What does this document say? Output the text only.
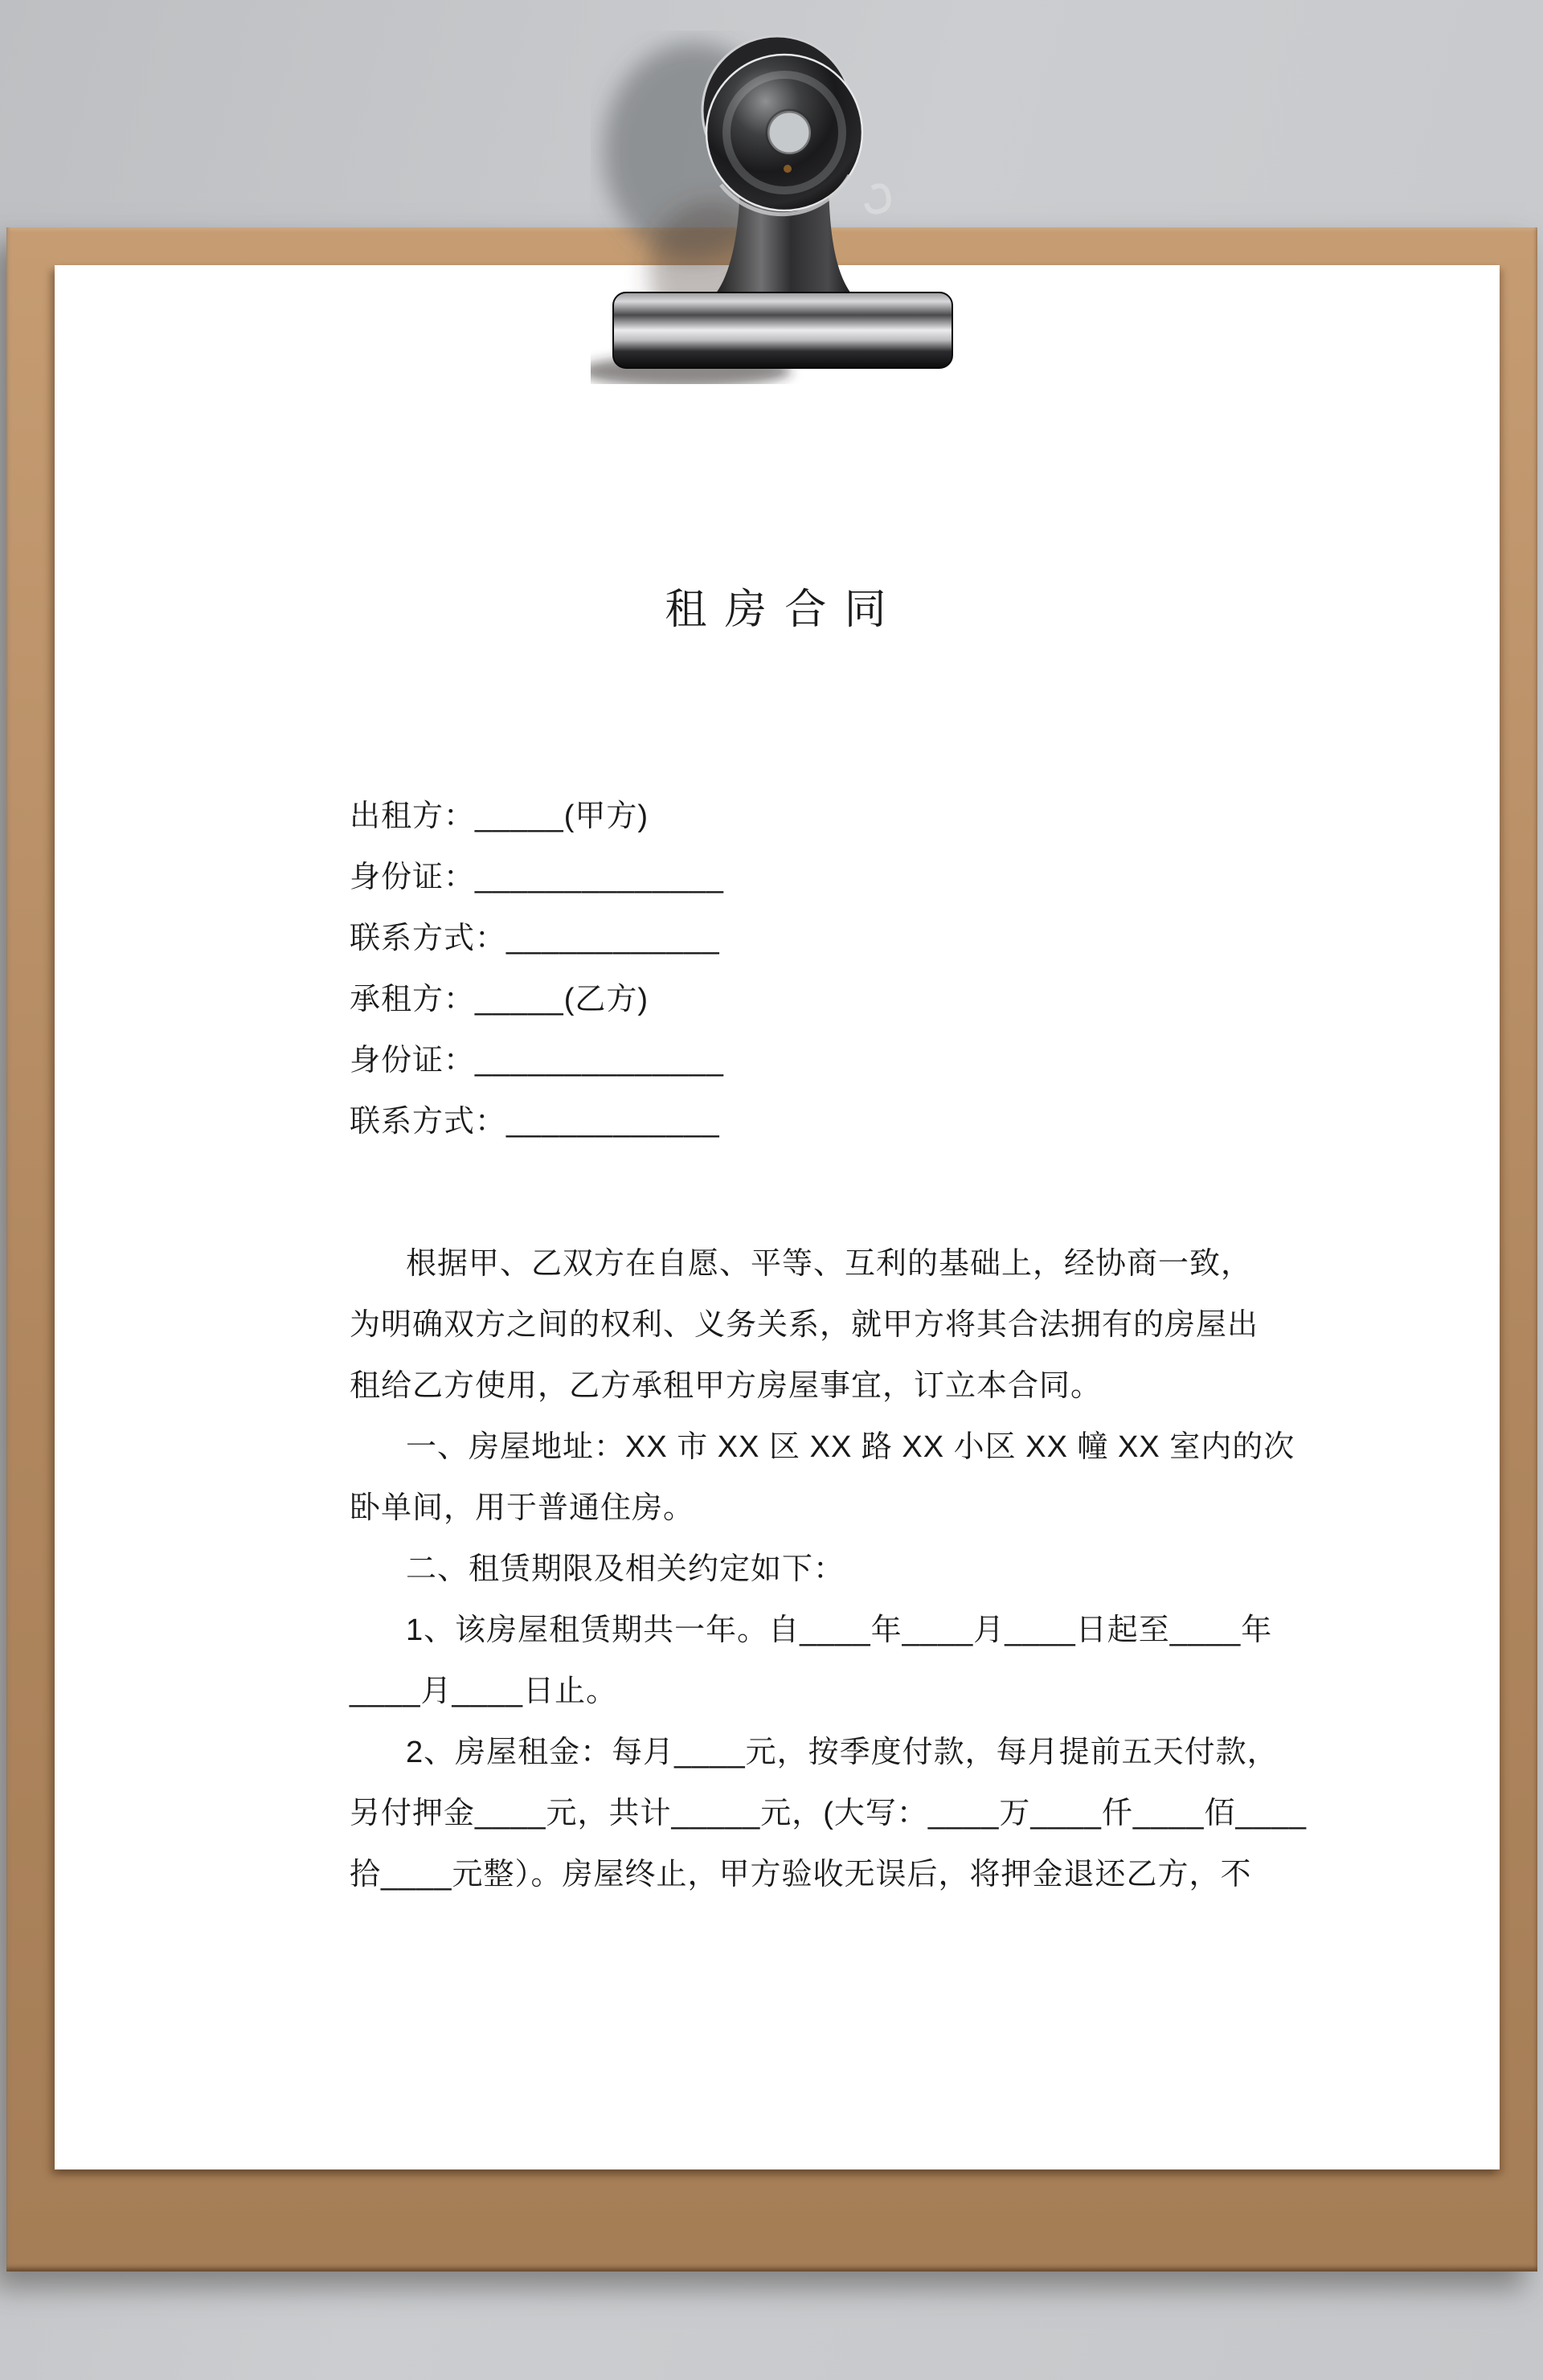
租 房 合 同
出租方：_____(甲方)
身份证：______________
联系方式：____________
承租方：_____(乙方)
身份证：______________
联系方式：____________
根据甲、乙双方在自愿、平等、互利的基础上，经协商一致，
为明确双方之间的权利、义务关系，就甲方将其合法拥有的房屋出
租给乙方使用，乙方承租甲方房屋事宜，订立本合同。
一、房屋地址：XX 市 XX 区 XX 路 XX 小区 XX 幢 XX 室内的次
卧单间，用于普通住房。
二、租赁期限及相关约定如下：
1、该房屋租赁期共一年。自____年____月____日起至____年
____月____日止。
2、房屋租金：每月____元，按季度付款，每月提前五天付款，
另付押金____元，共计_____元，(大写：____万____仟____佰____
拾____元整）。房屋终止，甲方验收无误后，将押金退还乙方，不
